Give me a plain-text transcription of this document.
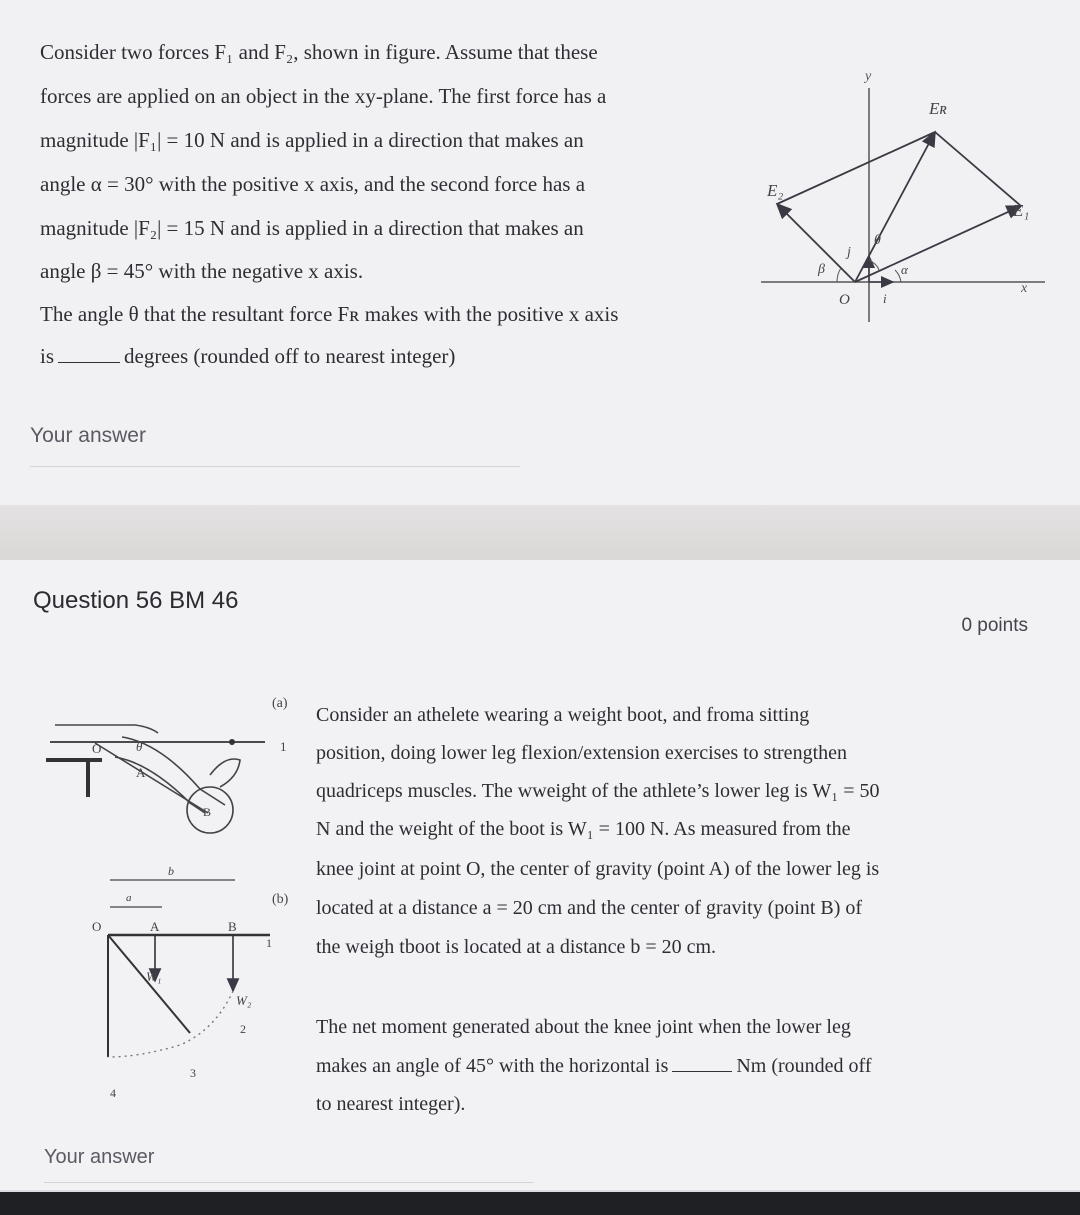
Consider two forces F₁ and F₂, shown in figure. Assume that these
forces are applied on an object in the xy-plane. The first force has a
magnitude |F₁| = 10 N and is applied in a direction that makes an
angle α = 30° with the positive x axis, and the second force has a
magnitude |F₂| = 15 N and is applied in a direction that makes an
angle β = 45° with the negative x axis.
The angle θ that the resultant force Fʀ makes with the positive x axis
is	degrees (rounded off to nearest integer)
y
x
Eʀ
E₁
E₂
β	α
θ
j
i
O
Your answer
Question 56 BM 46
0 points
(a)
(b)
O	θ
A
B
1
b
a
O	A	B
W₁
W₂
1
2
3
4
Consider an athelete wearing a weight boot, and froma sitting
position, doing lower leg flexion/extension exercises to strengthen
quadriceps muscles. The wweight of the athlete’s lower leg is W₁ = 50
N and the weight of the boot is W₁ = 100 N. As measured from the
knee joint at point O, the center of gravity (point A) of the lower leg is
located at a distance a = 20 cm and the center of gravity (point B) of
the weigh tboot is located at a distance b = 20 cm.
The net moment generated about the knee joint when the lower leg
makes an angle of 45° with the horizontal is	Nm (rounded off
to nearest integer).
Your answer
